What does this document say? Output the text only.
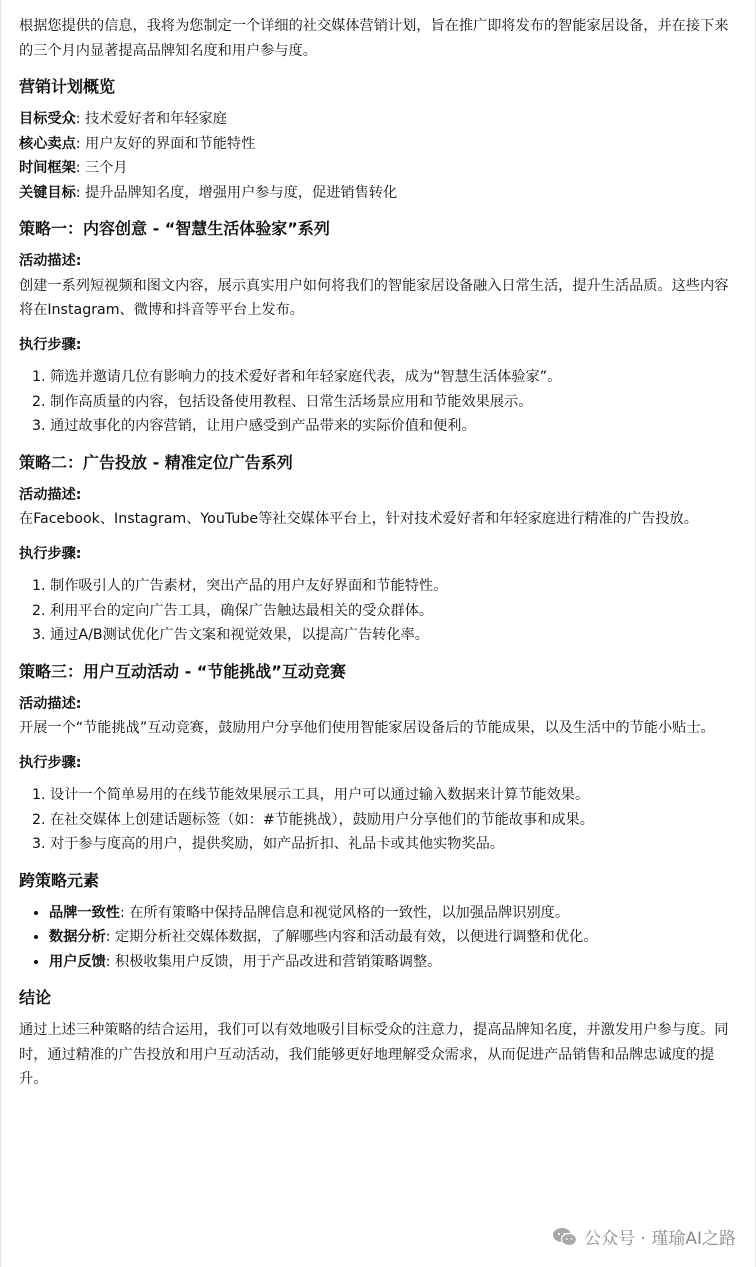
根据您提供的信息，我将为您制定一个详细的社交媒体营销计划，旨在推广即将发布的智能家居设备，并在接下来的三个月内显著提高品牌知名度和用户参与度。

营销计划概览

目标受众: 技术爱好者和年轻家庭

核心卖点: 用户友好的界面和节能特性

时间框架: 三个月

关键目标: 提升品牌知名度，增强用户参与度，促进销售转化

策略一：内容创意 - “智慧生活体验家”系列

活动描述:

创建一系列短视频和图文内容，展示真实用户如何将我们的智能家居设备融入日常生活，提升生活品质。这些内容将在Instagram、微博和抖音等平台上发布。

执行步骤:

1. 筛选并邀请几位有影响力的技术爱好者和年轻家庭代表，成为“智慧生活体验家”。
2. 制作高质量的内容，包括设备使用教程、日常生活场景应用和节能效果展示。
3. 通过故事化的内容营销，让用户感受到产品带来的实际价值和便利。
策略二：广告投放 - 精准定位广告系列

活动描述:

在Facebook、Instagram、YouTube等社交媒体平台上，针对技术爱好者和年轻家庭进行精准的广告投放。

执行步骤:

1. 制作吸引人的广告素材，突出产品的用户友好界面和节能特性。
2. 利用平台的定向广告工具，确保广告触达最相关的受众群体。
3. 通过A/B测试优化广告文案和视觉效果，以提高广告转化率。
策略三：用户互动活动 - “节能挑战”互动竞赛

活动描述:

开展一个“节能挑战”互动竞赛，鼓励用户分享他们使用智能家居设备后的节能成果，以及生活中的节能小贴士。

执行步骤:

1. 设计一个简单易用的在线节能效果展示工具，用户可以通过输入数据来计算节能效果。
2. 在社交媒体上创建话题标签（如：#节能挑战），鼓励用户分享他们的节能故事和成果。
3. 对于参与度高的用户，提供奖励，如产品折扣、礼品卡或其他实物奖品。
跨策略元素
• 品牌一致性: 在所有策略中保持品牌信息和视觉风格的一致性，以加强品牌识别度。
• 数据分析: 定期分析社交媒体数据，了解哪些内容和活动最有效，以便进行调整和优化。
• 用户反馈: 积极收集用户反馈，用于产品改进和营销策略调整。
结论

通过上述三种策略的结合运用，我们可以有效地吸引目标受众的注意力，提高品牌知名度，并激发用户参与度。同时，通过精准的广告投放和用户互动活动，我们能够更好地理解受众需求，从而促进产品销售和品牌忠诚度的提升。

公众号 · 瑾瑜AI之路
